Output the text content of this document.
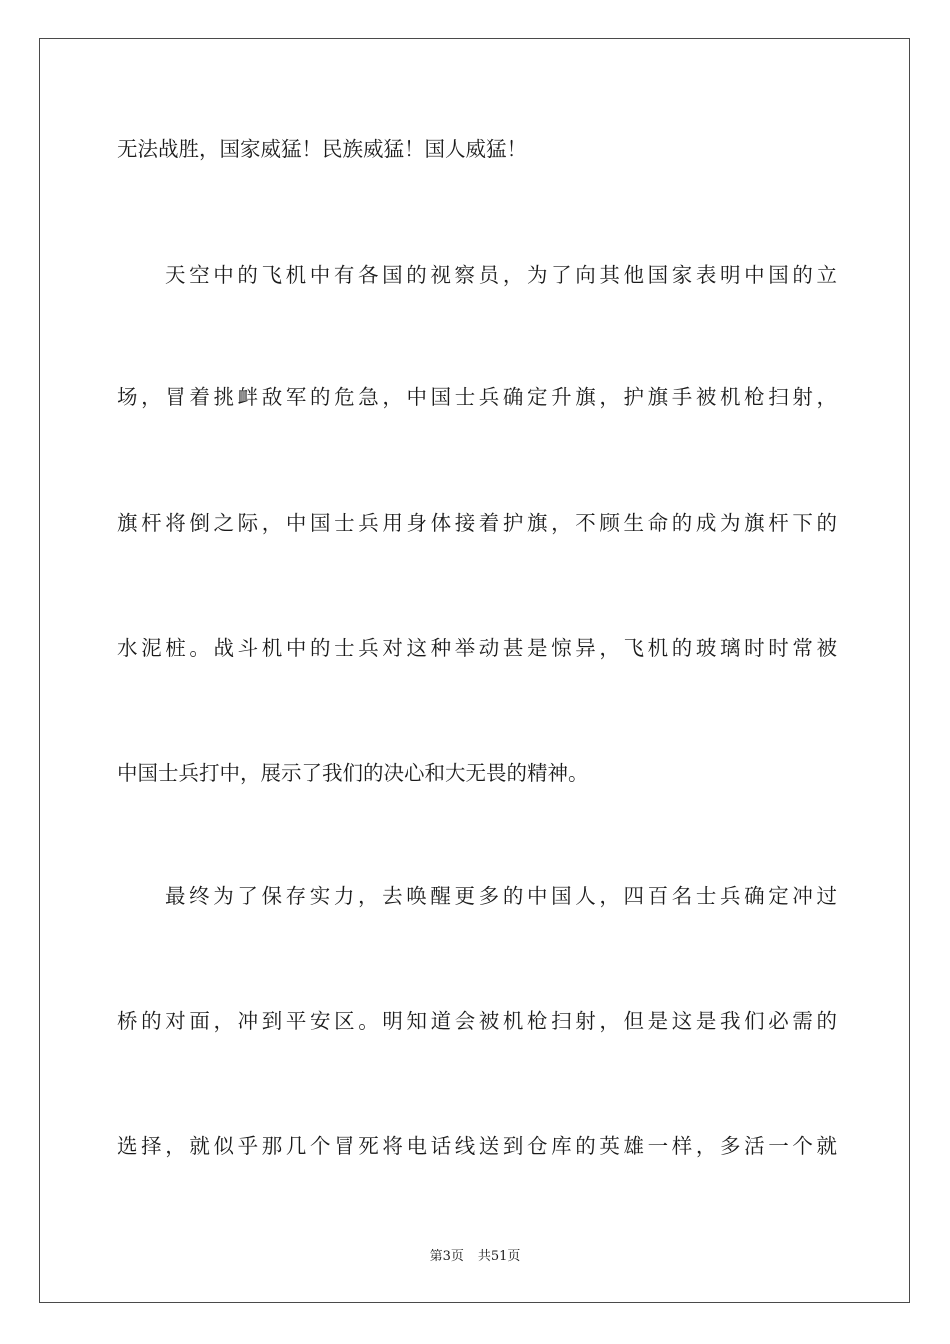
无法战胜，国家威猛！民族威猛！国人威猛！
天空中的飞机中有各国的视察员，为了向其他国家表明中国的立
场，冒着挑衅敌军的危急，中国士兵确定升旗，护旗手被机枪扫射，
旗杆将倒之际，中国士兵用身体接着护旗，不顾生命的成为旗杆下的
水泥桩。战斗机中的士兵对这种举动甚是惊异，飞机的玻璃时时常被
中国士兵打中，展示了我们的决心和大无畏的精神。
最终为了保存实力，去唤醒更多的中国人，四百名士兵确定冲过
桥的对面，冲到平安区。明知道会被机枪扫射，但是这是我们必需的
选择，就似乎那几个冒死将电话线送到仓库的英雄一样，多活一个就
第3页 共51页
